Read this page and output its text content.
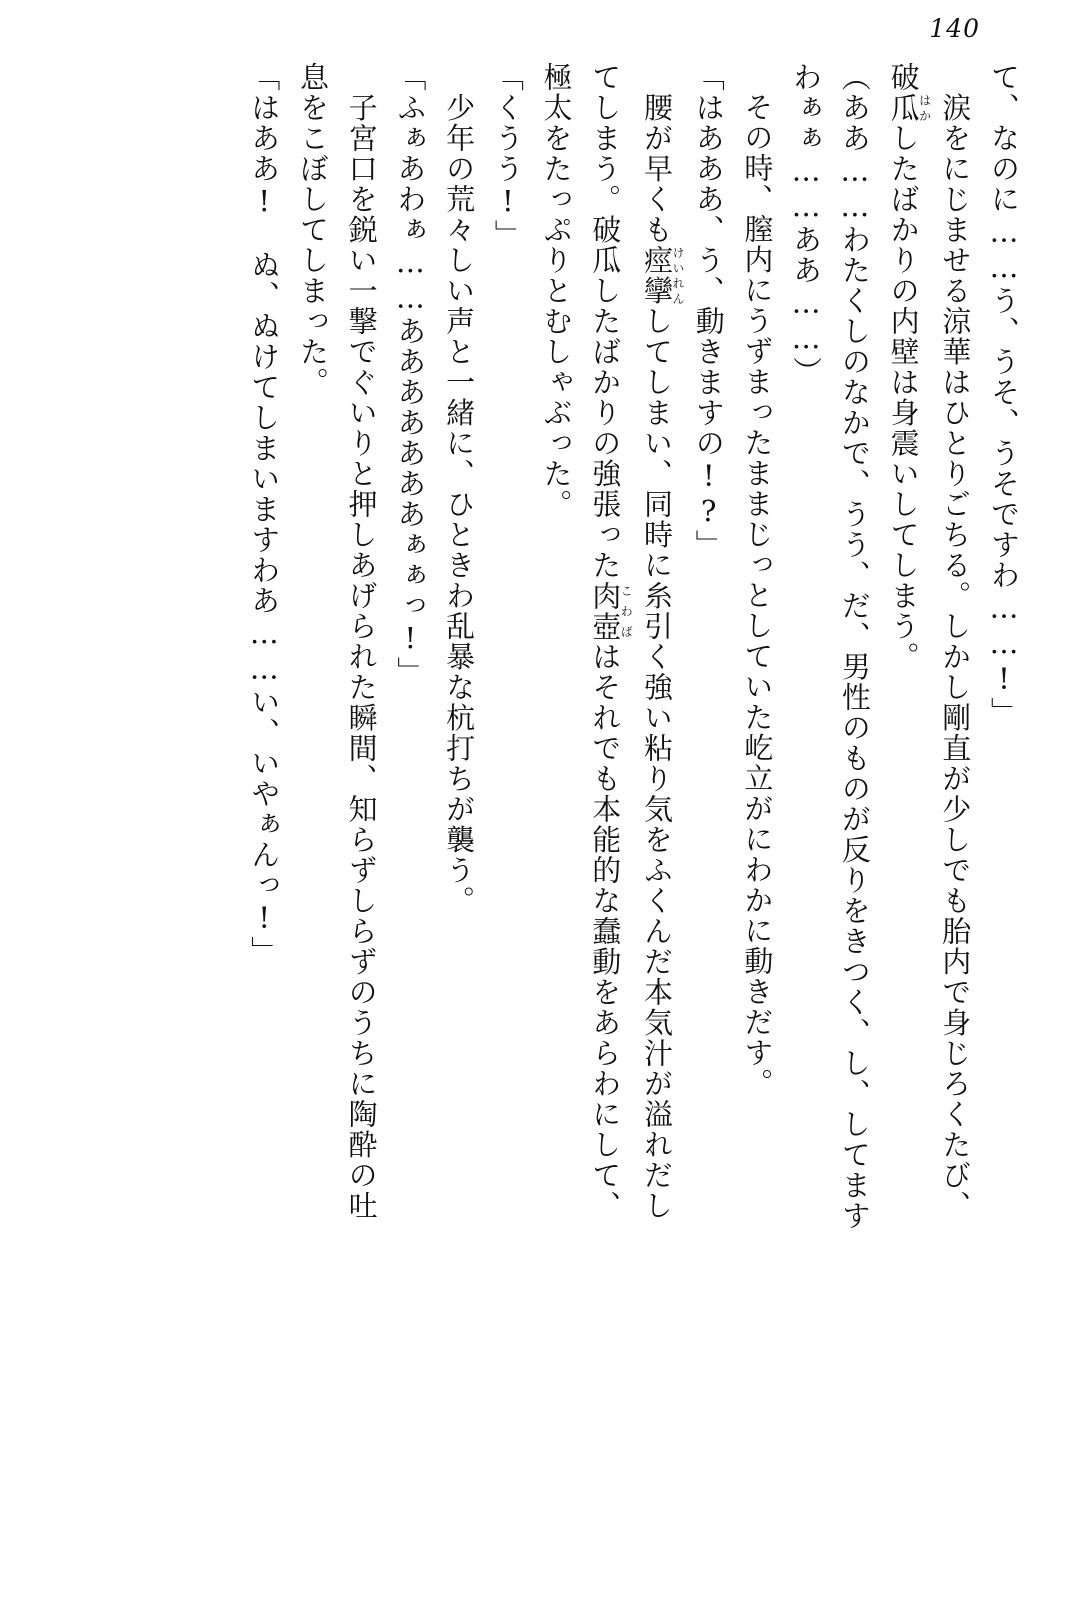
140
て、なのに……う、うそ、うそですわ……!」
　涙をにじませる涼華はひとりごちる。しかし剛直が少しでも胎内で身じろくたび、
破瓜はかしたばかりの内壁は身震いしてしまう。
（ああ……わたくしのなかで、うう、だ、男性のものが反りをきつく、し、してます
わぁぁ……ああ……）
その時、膣内にうずまったままじっとしていた屹立がにわかに動きだす。
「はあああ、う、動きますの!?」
　腰が早くも痙攣けいれんしてしまい、同時に糸引く強い粘り気をふくんだ本気汁が溢れだし
てしまう。破瓜したばかりの強張った肉壺こわばはそれでも本能的な蠢動をあらわにして、
極太をたっぷりとむしゃぶった。
「くうう!」
　少年の荒々しい声と一緒に、ひときわ乱暴な杭打ちが襲う。
「ふぁあわぁ……あああああああぁぁっ!」
　子宮口を鋭い一撃でぐいりと押しあげられた瞬間、知らずしらずのうちに陶酔の吐
息をこぼしてしまった。
「はああ!　ぬ、ぬけてしまいますわあ……い、いやぁんっ!」
